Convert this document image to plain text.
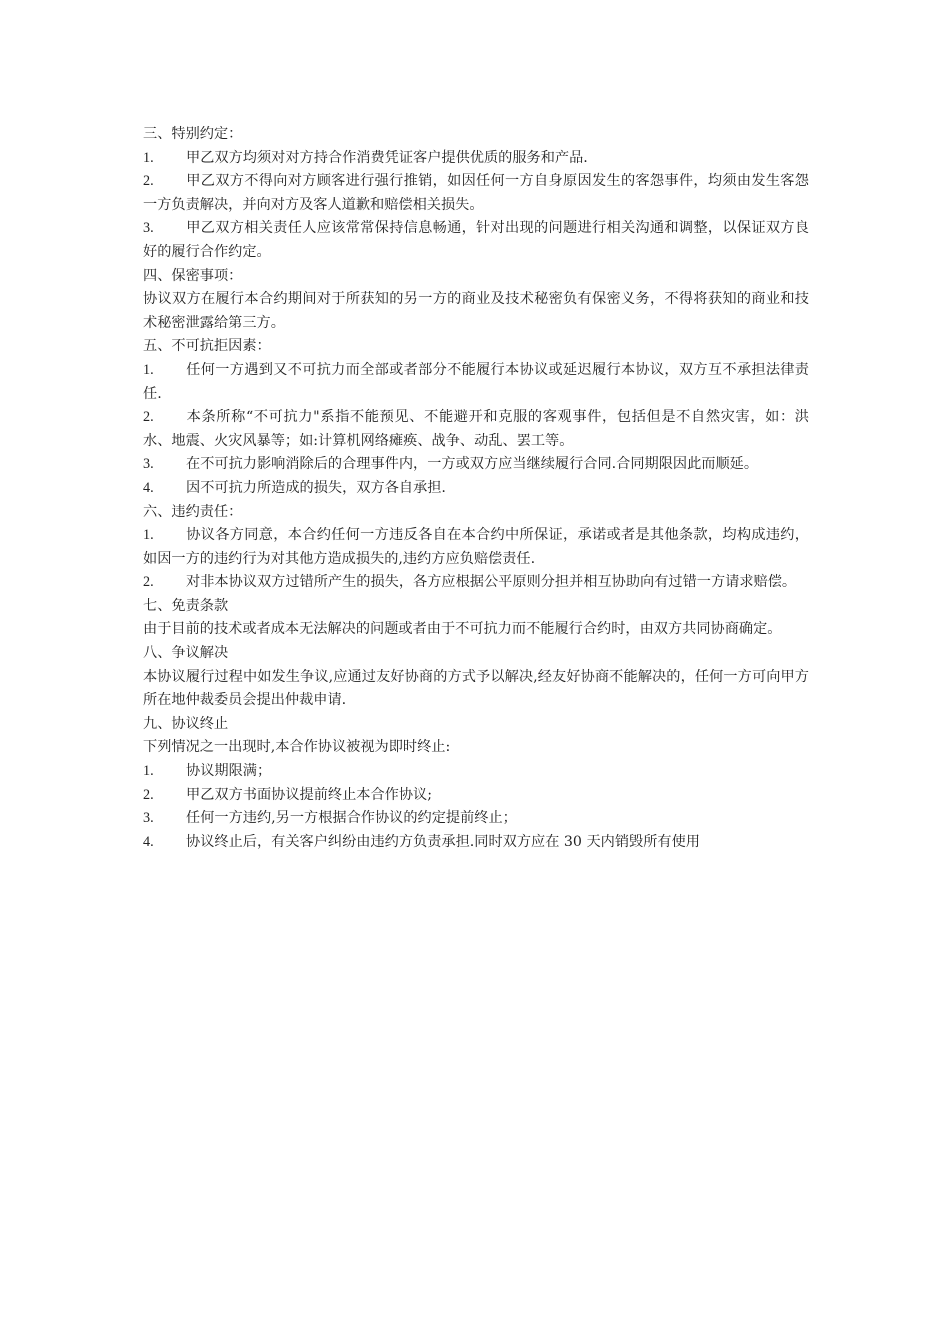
三、特别约定：

1. 甲乙双方均须对对方持合作消费凭证客户提供优质的服务和产品.

2. 甲乙双方不得向对方顾客进行强行推销，如因任何一方自身原因发生的客怨事件，均须由发生客怨一方负责解决，并向对方及客人道歉和赔偿相关损失。

3. 甲乙双方相关责任人应该常常保持信息畅通，针对出现的问题进行相关沟通和调整，以保证双方良好的履行合作约定。

四、保密事项：

协议双方在履行本合约期间对于所获知的另一方的商业及技术秘密负有保密义务，不得将获知的商业和技术秘密泄露给第三方。

五、不可抗拒因素：

1. 任何一方遇到又不可抗力而全部或者部分不能履行本协议或延迟履行本协议，双方互不承担法律责任.

2. 本条所称“不可抗力"系指不能预见、不能避开和克服的客观事件，包括但是不自然灾害，如：洪水、地震、火灾风暴等；如:计算机网络瘫痪、战争、动乱、罢工等。

3. 在不可抗力影响消除后的合理事件内，一方或双方应当继续履行合同.合同期限因此而顺延。

4. 因不可抗力所造成的损失，双方各自承担.

六、违约责任：

1. 协议各方同意，本合约任何一方违反各自在本合约中所保证，承诺或者是其他条款，均构成违约，如因一方的违约行为对其他方造成损失的,违约方应负赔偿责任.

2. 对非本协议双方过错所产生的损失，各方应根据公平原则分担并相互协助向有过错一方请求赔偿。

七、免责条款

由于目前的技术或者成本无法解决的问题或者由于不可抗力而不能履行合约时，由双方共同协商确定。

八、争议解决

本协议履行过程中如发生争议,应通过友好协商的方式予以解决,经友好协商不能解决的，任何一方可向甲方所在地仲裁委员会提出仲裁申请.

九、协议终止

下列情况之一出现时,本合作协议被视为即时终止:

1. 协议期限满；

2. 甲乙双方书面协议提前终止本合作协议;

3. 任何一方违约,另一方根据合作协议的约定提前终止；

4. 协议终止后，有关客户纠纷由违约方负责承担.同时双方应在 30 天内销毁所有使用
